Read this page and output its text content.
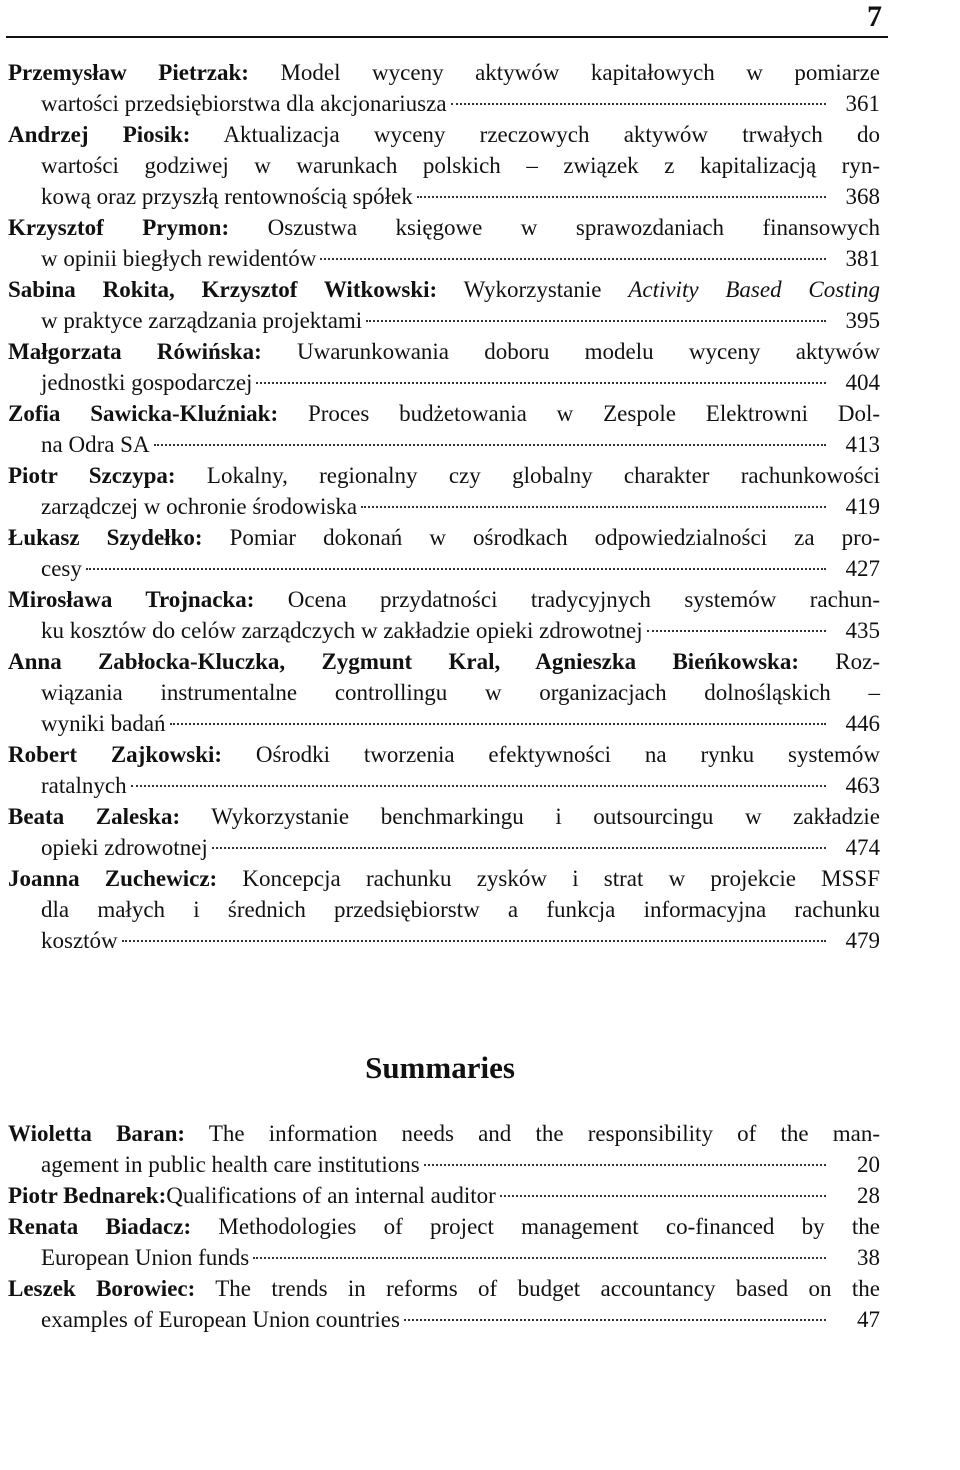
7
Przemysław Pietrzak: Model wyceny aktywów kapitałowych w pomiarze
wartości przedsiębiorstwa dla akcjonariusza	361
Andrzej Piosik: Aktualizacja wyceny rzeczowych aktywów trwałych do
wartości godziwej w warunkach polskich – związek z kapitalizacją ryn-
kową oraz przyszłą rentownością spółek	368
Krzysztof Prymon: Oszustwa księgowe w sprawozdaniach finansowych
w opinii biegłych rewidentów	381
Sabina Rokita, Krzysztof Witkowski: Wykorzystanie Activity Based Costing
w praktyce zarządzania projektami	395
Małgorzata Rówińska: Uwarunkowania doboru modelu wyceny aktywów
jednostki gospodarczej	404
Zofia Sawicka-Kluźniak: Proces budżetowania w Zespole Elektrowni Dol-
na Odra SA	413
Piotr Szczypa: Lokalny, regionalny czy globalny charakter rachunkowości
zarządczej w ochronie środowiska	419
Łukasz Szydełko: Pomiar dokonań w ośrodkach odpowiedzialności za pro-
cesy	427
Mirosława Trojnacka: Ocena przydatności tradycyjnych systemów rachun-
ku kosztów do celów zarządczych w zakładzie opieki zdrowotnej	435
Anna Zabłocka-Kluczka, Zygmunt Kral, Agnieszka Bieńkowska: Roz-
wiązania instrumentalne controllingu w organizacjach dolnośląskich –
wyniki badań	446
Robert Zajkowski: Ośrodki tworzenia efektywności na rynku systemów
ratalnych	463
Beata Zaleska: Wykorzystanie benchmarkingu i outsourcingu w zakładzie
opieki zdrowotnej	474
Joanna Zuchewicz: Koncepcja rachunku zysków i strat w projekcie MSSF
dla małych i średnich przedsiębiorstw a funkcja informacyjna rachunku
kosztów	479
Summaries
Wioletta Baran: The information needs and the responsibility of the man-
agement in public health care institutions	20
Piotr Bednarek: Qualifications of an internal auditor	28
Renata Biadacz: Methodologies of project management co-financed by the
European Union funds	38
Leszek Borowiec: The trends in reforms of budget accountancy based on the
examples of European Union countries	47
